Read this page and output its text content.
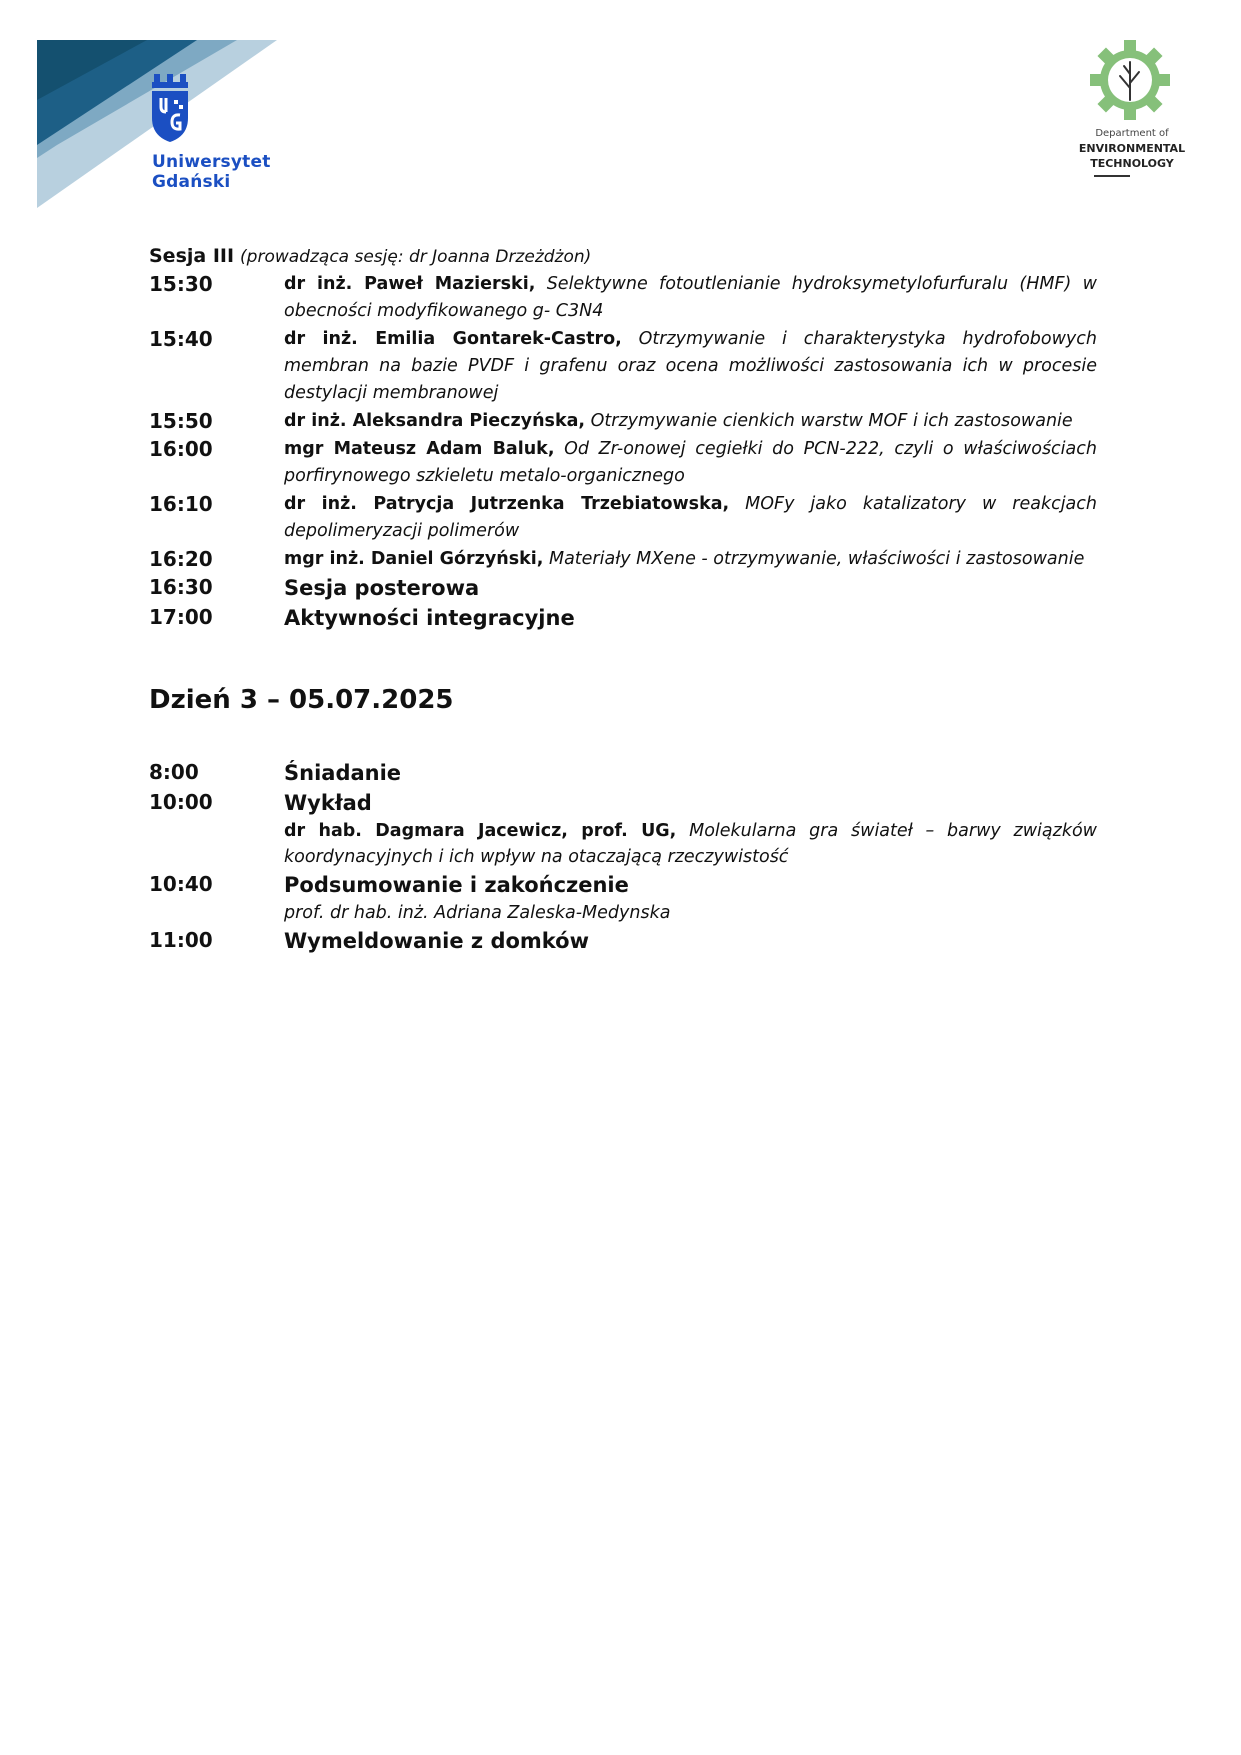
Uniwersytet
Gdański
Department of
ENVIRONMENTAL
TECHNOLOGY
Sesja III (prowadząca sesję: dr Joanna Drzeżdżon)
15:30	dr inż. Paweł Mazierski, Selektywne fotoutlenianie hydroksymetylofurfuralu (HMF) w obecności modyfikowanego g- C3N4
15:40	dr inż. Emilia Gontarek-Castro, Otrzymywanie i charakterystyka hydrofobowych membran na bazie PVDF i grafenu oraz ocena możliwości zastosowania ich w procesie destylacji membranowej
15:50	dr inż. Aleksandra Pieczyńska, Otrzymywanie cienkich warstw MOF i ich zastosowanie
16:00	mgr Mateusz Adam Baluk, Od Zr-onowej cegiełki do PCN-222, czyli o właściwościach porfirynowego szkieletu metalo-organicznego
16:10	dr inż. Patrycja Jutrzenka Trzebiatowska, MOFy jako katalizatory w reakcjach depolimeryzacji polimerów
16:20	mgr inż. Daniel Górzyński, Materiały MXene - otrzymywanie, właściwości i zastosowanie
16:30	Sesja posterowa
17:00	Aktywności integracyjne
Dzień 3 – 05.07.2025
8:00	Śniadanie
10:00	Wykład
dr hab. Dagmara Jacewicz, prof. UG, Molekularna gra świateł – barwy związków koordynacyjnych i ich wpływ na otaczającą rzeczywistość
10:40	Podsumowanie i zakończenie
prof. dr hab. inż. Adriana Zaleska-Medynska
11:00	Wymeldowanie z domków
